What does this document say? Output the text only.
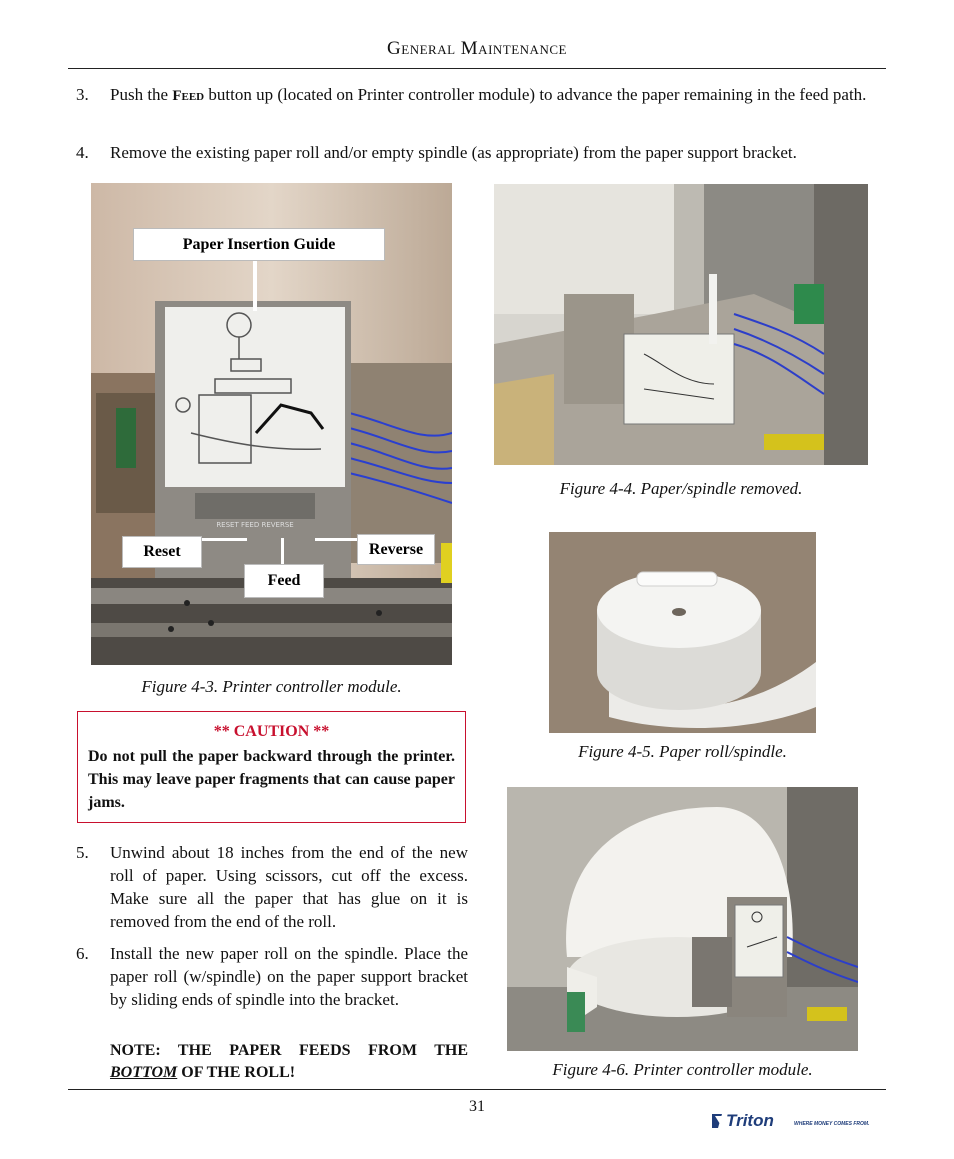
General Maintenance
3. Push the Feed button up (located on Printer controller module) to advance the paper remaining in the feed path.
4. Remove the existing paper roll and/or empty spindle (as appropriate) from the paper support bracket.
RESET FEED REVERSE
Paper Insertion Guide
Reset
Feed
Reverse
Figure 4-3. Printer controller module.
Figure 4-4. Paper/spindle removed.
Figure 4-5. Paper roll/spindle.
Figure 4-6. Printer controller module.
** CAUTION **
Do not pull the paper backward through the printer. This may leave paper fragments that can cause paper jams.
5. Unwind about 18 inches from the end of the new roll of paper. Using scissors, cut off the excess. Make sure all the paper that has glue on it is removed from the end of the roll.
6. Install the new paper roll on the spindle. Place the paper roll (w/spindle) on the paper support bracket by sliding ends of spindle into the bracket.
NOTE: THE PAPER FEEDS FROM THE
BOTTOM OF THE ROLL!
31
Triton	WHERE MONEY COMES FROM.
